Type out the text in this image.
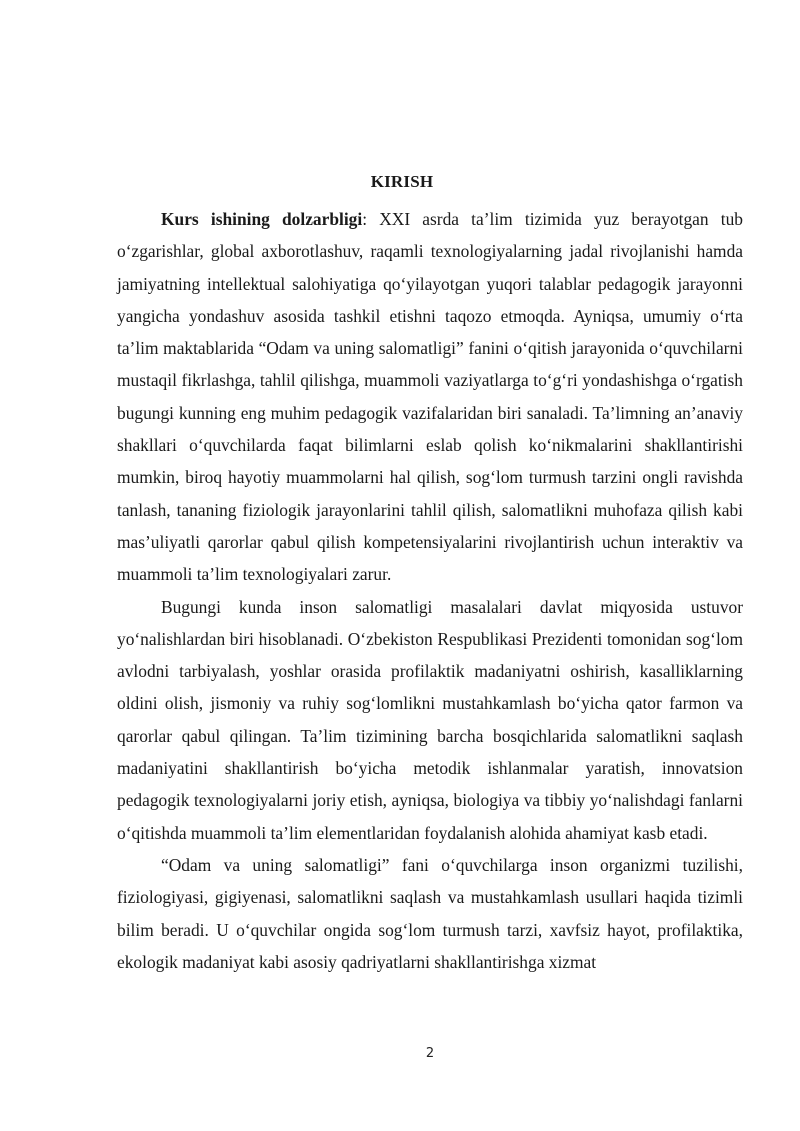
KIRISH

Kurs ishining dolzarbligi: XXI asrda ta’lim tizimida yuz berayotgan tub o‘zgarishlar, global axborotlashuv, raqamli texnologiyalarning jadal rivojlanishi hamda jamiyatning intellektual salohiyatiga qo‘yilayotgan yuqori talablar pedagogik jarayonni yangicha yondashuv asosida tashkil etishni taqozo etmoqda. Ayniqsa, umumiy o‘rta ta’lim maktablarida “Odam va uning salomatligi” fanini o‘qitish jarayonida o‘quvchilarni mustaqil fikrlashga, tahlil qilishga, muammoli vaziyatlarga to‘g‘ri yondashishga o‘rgatish bugungi kunning eng muhim pedagogik vazifalaridan biri sanaladi. Ta’limning an’anaviy shakllari o‘quvchilarda faqat bilimlarni eslab qolish ko‘nikmalarini shakllantirishi mumkin, biroq hayotiy muammolarni hal qilish, sog‘lom turmush tarzini ongli ravishda tanlash, tananing fiziologik jarayonlarini tahlil qilish, salomatlikni muhofaza qilish kabi mas’uliyatli qarorlar qabul qilish kompetensiyalarini rivojlantirish uchun interaktiv va muammoli ta’lim texnologiyalari zarur.

Bugungi kunda inson salomatligi masalalari davlat miqyosida ustuvor yo‘nalishlardan biri hisoblanadi. O‘zbekiston Respublikasi Prezidenti tomonidan sog‘lom avlodni tarbiyalash, yoshlar orasida profilaktik madaniyatni oshirish, kasalliklarning oldini olish, jismoniy va ruhiy sog‘lomlikni mustahkamlash bo‘yicha qator farmon va qarorlar qabul qilingan. Ta’lim tizimining barcha bosqichlarida salomatlikni saqlash madaniyatini shakllantirish bo‘yicha metodik ishlanmalar yaratish, innovatsion pedagogik texnologiyalarni joriy etish, ayniqsa, biologiya va tibbiy yo‘nalishdagi fanlarni o‘qitishda muammoli ta’lim elementlaridan foydalanish alohida ahamiyat kasb etadi.

“Odam va uning salomatligi” fani o‘quvchilarga inson organizmi tuzilishi, fiziologiyasi, gigiyenasi, salomatlikni saqlash va mustahkamlash usullari haqida tizimli bilim beradi. U o‘quvchilar ongida sog‘lom turmush tarzi, xavfsiz hayot, profilaktika, ekologik madaniyat kabi asosiy qadriyatlarni shakllantirishga xizmat

2
